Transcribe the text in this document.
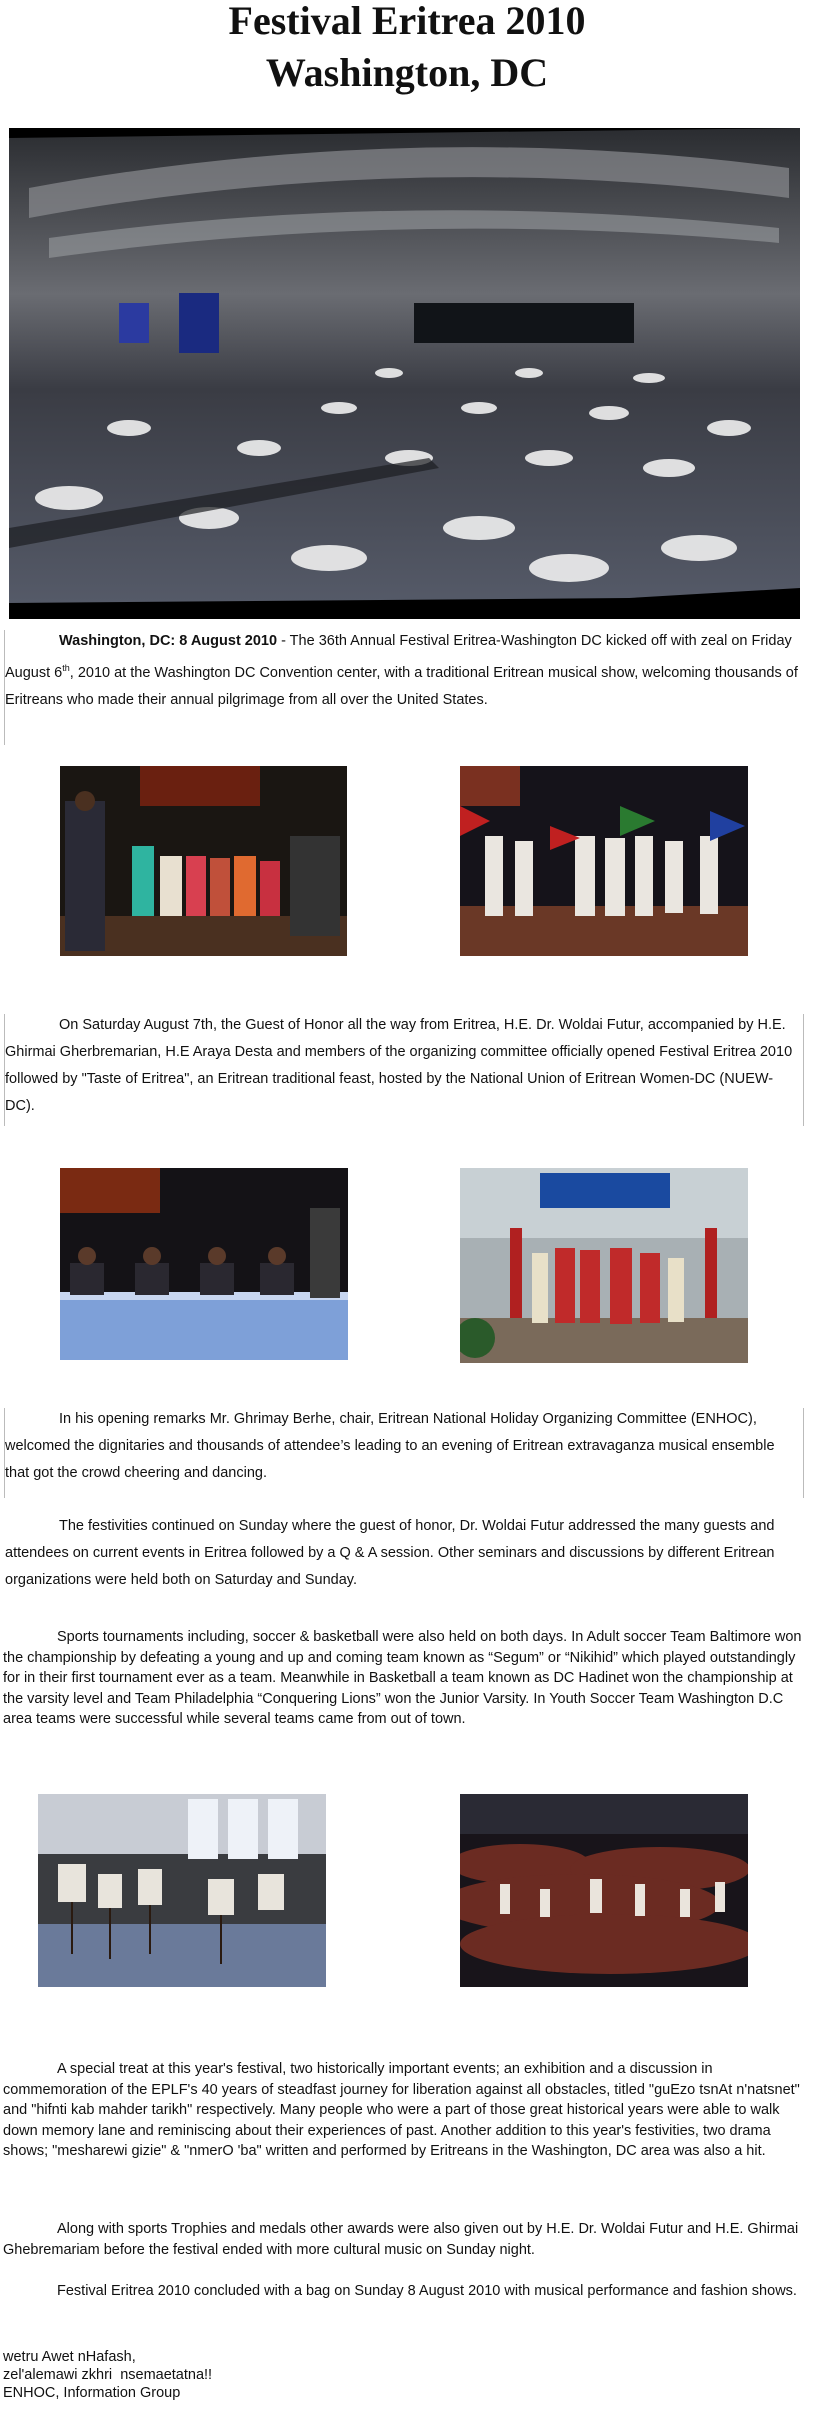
Festival Eritrea 2010
Washington, DC

Washington, DC: 8 August 2010 - The 36th Annual Festival Eritrea-Washington DC kicked off with zeal on Friday August 6th, 2010 at the Washington DC Convention center, with a traditional Eritrean musical show, welcoming thousands of Eritreans who made their annual pilgrimage from all over the United States.

On Saturday August 7th, the Guest of Honor all the way from Eritrea, H.E. Dr. Woldai Futur, accompanied by H.E. Ghirmai Gherbremarian, H.E Araya Desta and members of the organizing committee officially opened Festival Eritrea 2010 followed by "Taste of Eritrea", an Eritrean traditional feast, hosted by the National Union of Eritrean Women-DC (NUEW-DC).

In his opening remarks Mr. Ghrimay Berhe, chair, Eritrean National Holiday Organizing Committee (ENHOC), welcomed the dignitaries and thousands of attendee’s leading to an evening of Eritrean extravaganza musical ensemble that got the crowd cheering and dancing.

The festivities continued on Sunday where the guest of honor, Dr. Woldai Futur addressed the many guests and attendees on current events in Eritrea followed by a Q & A session. Other seminars and discussions by different Eritrean organizations were held both on Saturday and Sunday.

Sports tournaments including, soccer & basketball were also held on both days. In Adult soccer Team Baltimore won the championship by defeating a young and up and coming team known as “Segum” or “Nikihid” which played outstandingly for in their first tournament ever as a team. Meanwhile in Basketball a team known as DC Hadinet won the championship at the varsity level and Team Philadelphia “Conquering Lions” won the Junior Varsity. In Youth Soccer Team Washington D.C area teams were successful while several teams came from out of town.

A special treat at this year's festival, two historically important events; an exhibition and a discussion in commemoration of the EPLF's 40 years of steadfast journey for liberation against all obstacles, titled "guEzo tsnAt n'natsnet" and "hifnti kab mahder tarikh" respectively. Many people who were a part of those great historical years were able to walk down memory lane and reminiscing about their experiences of past. Another addition to this year's festivities, two drama shows; "mesharewi gizie" & "nmerO 'ba" written and performed by Eritreans in the Washington, DC area was also a hit.

Along with sports Trophies and medals other awards were also given out by H.E. Dr. Woldai Futur and H.E. Ghirmai Ghebremariam before the festival ended with more cultural music on Sunday night.

Festival Eritrea 2010 concluded with a bag on Sunday 8 August 2010 with musical performance and fashion shows.

wetru Awet nHafash,
zel'alemawi zkhri  nsemaetatna!!
ENHOC, Information Group
